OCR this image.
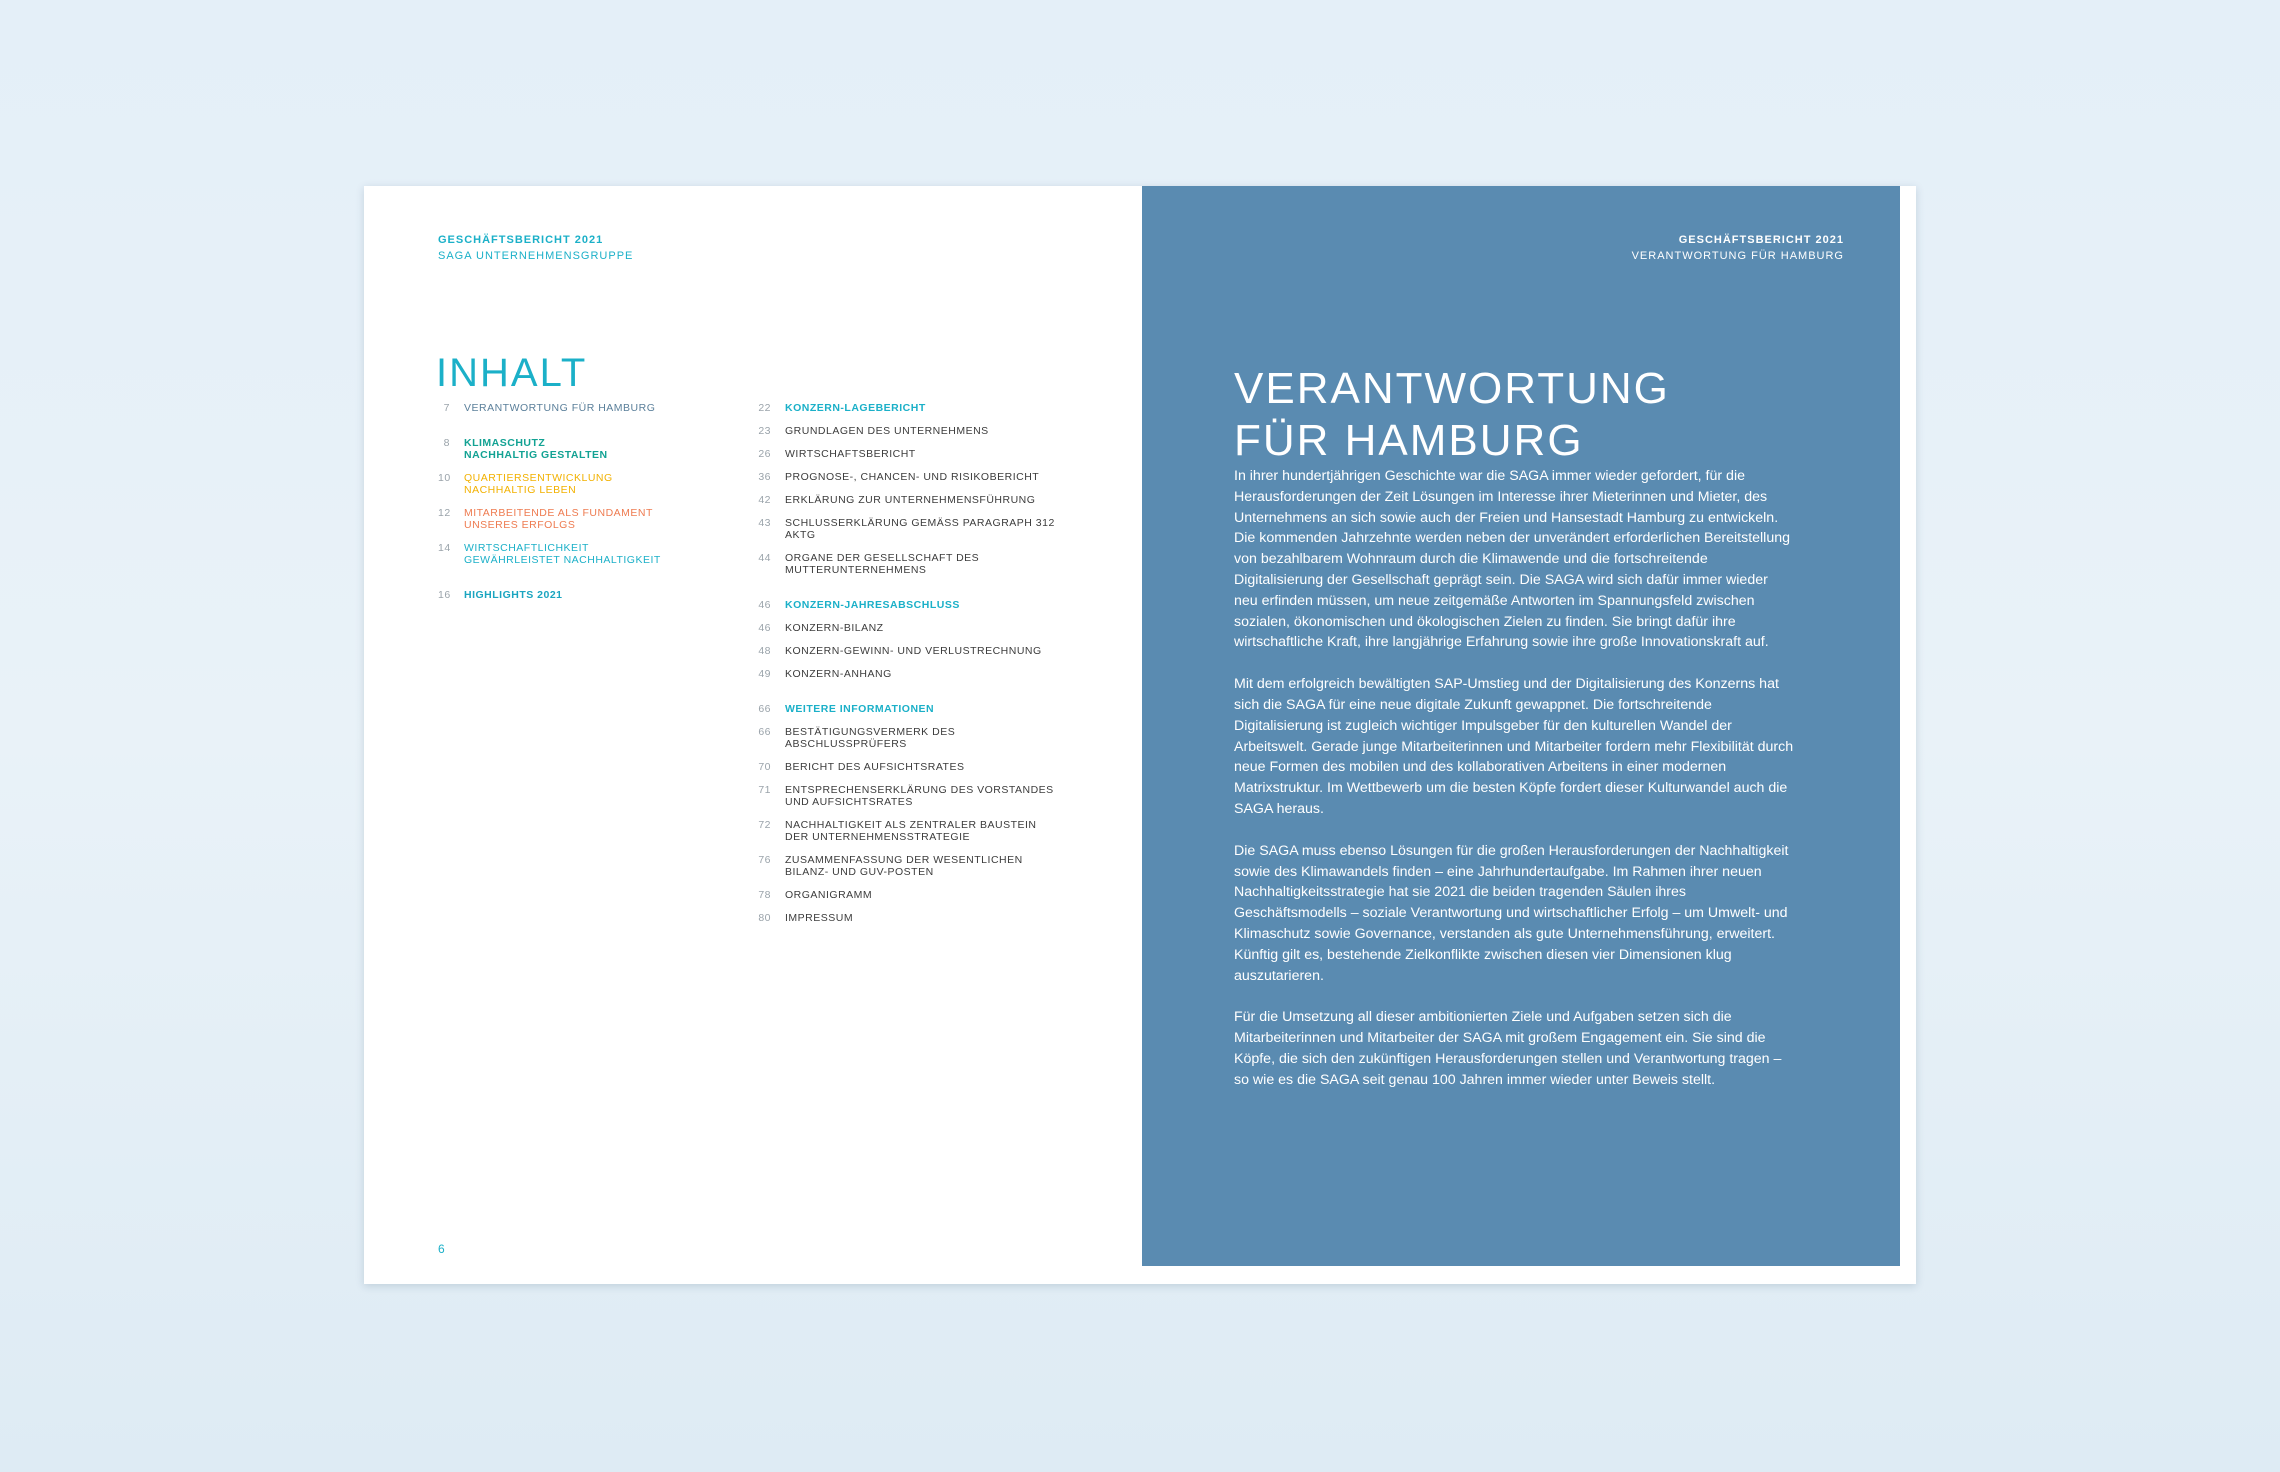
GESCHÄFTSBERICHT 2021
SAGA UNTERNEHMENSGRUPPE
INHALT
7	VERANTWORTUNG FÜR HAMBURG
8	KLIMASCHUTZ
NACHHALTIG GESTALTEN
10	QUARTIERSENTWICKLUNG
NACHHALTIG LEBEN
12	MITARBEITENDE ALS FUNDAMENT
UNSERES ERFOLGS
14	WIRTSCHAFTLICHKEIT
GEWÄHRLEISTET NACHHALTIGKEIT
16	HIGHLIGHTS 2021
22	KONZERN-LAGEBERICHT
23	GRUNDLAGEN DES UNTERNEHMENS
26	WIRTSCHAFTSBERICHT
36	PROGNOSE-, CHANCEN- UND RISIKOBERICHT
42	ERKLÄRUNG ZUR UNTERNEHMENSFÜHRUNG
43	SCHLUSSERKLÄRUNG GEMÄSS PARAGRAPH 312 AKTG
44	ORGANE DER GESELLSCHAFT DES
MUTTERUNTERNEHMENS
46	KONZERN-JAHRESABSCHLUSS
46	KONZERN-BILANZ
48	KONZERN-GEWINN- UND VERLUSTRECHNUNG
49	KONZERN-ANHANG
66	WEITERE INFORMATIONEN
66	BESTÄTIGUNGSVERMERK DES ABSCHLUSSPRÜFERS
70	BERICHT DES AUFSICHTSRATES
71	ENTSPRECHENSERKLÄRUNG DES VORSTANDES
UND AUFSICHTSRATES
72	NACHHALTIGKEIT ALS ZENTRALER BAUSTEIN
DER UNTERNEHMENSSTRATEGIE
76	ZUSAMMENFASSUNG DER WESENTLICHEN
BILANZ- UND GUV-POSTEN
78	ORGANIGRAMM
80	IMPRESSUM
6
GESCHÄFTSBERICHT 2021
VERANTWORTUNG FÜR HAMBURG
VERANTWORTUNG
FÜR HAMBURG

In ihrer hundertjährigen Geschichte war die SAGA immer wieder gefordert, für die Herausforderungen der Zeit Lösungen im Interesse ihrer Mieterinnen und Mieter, des Unternehmens an sich sowie auch der Freien und Hansestadt Hamburg zu entwickeln. Die kommenden Jahrzehnte werden neben der unverändert erforderlichen Bereitstellung von bezahlbarem Wohnraum durch die Klimawende und die fortschreitende Digitalisierung der Gesellschaft geprägt sein. Die SAGA wird sich dafür immer wieder neu erfinden müssen, um neue zeitgemäße Antworten im Spannungsfeld zwischen sozialen, ökonomischen und ökologischen Zielen zu finden. Sie bringt dafür ihre wirtschaftliche Kraft, ihre langjährige Erfahrung sowie ihre große Innovationskraft auf.

Mit dem erfolgreich bewältigten SAP-Umstieg und der Digitalisierung des Konzerns hat sich die SAGA für eine neue digitale Zukunft gewappnet. Die fortschreitende Digitalisierung ist zugleich wichtiger Impulsgeber für den kulturellen Wandel der Arbeitswelt. Gerade junge Mitarbeiterinnen und Mitarbeiter fordern mehr Flexibilität durch neue Formen des mobilen und des kollaborativen Arbeitens in einer modernen Matrixstruktur. Im Wettbewerb um die besten Köpfe fordert dieser Kulturwandel auch die SAGA heraus.

Die SAGA muss ebenso Lösungen für die großen Herausforderungen der Nachhaltigkeit sowie des Klimawandels finden – eine Jahrhundertaufgabe. Im Rahmen ihrer neuen Nachhaltigkeitsstrategie hat sie 2021 die beiden tragenden Säulen ihres Geschäftsmodells – soziale Verantwortung und wirtschaftlicher Erfolg – um Umwelt- und Klimaschutz sowie Governance, verstanden als gute Unternehmensführung, erweitert. Künftig gilt es, bestehende Zielkonflikte zwischen diesen vier Dimensionen klug auszutarieren.

Für die Umsetzung all dieser ambitionierten Ziele und Aufgaben setzen sich die Mitarbeiterinnen und Mitarbeiter der SAGA mit großem Engagement ein. Sie sind die Köpfe, die sich den zukünftigen Herausforderungen stellen und Verantwortung tragen – so wie es die SAGA seit genau 100 Jahren immer wieder unter Beweis stellt.
